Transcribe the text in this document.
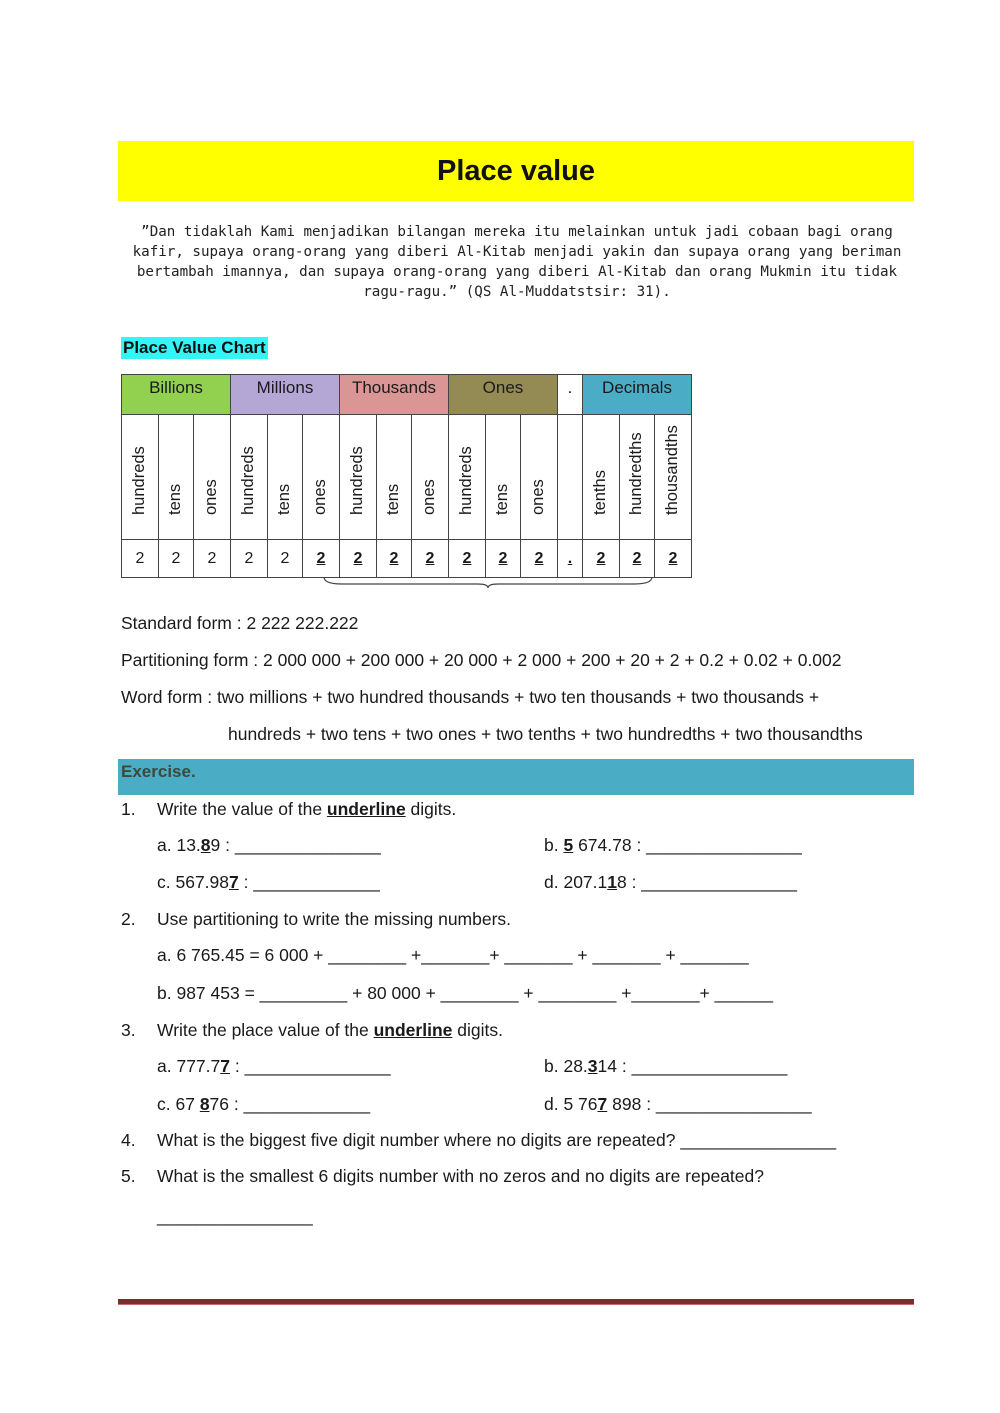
Place value
”Dan tidaklah Kami menjadikan bilangan mereka itu melainkan untuk jadi cobaan bagi orang kafir, supaya orang-orang yang diberi Al-Kitab menjadi yakin dan supaya orang yang beriman bertambah imannya, dan supaya orang-orang yang diberi Al-Kitab dan orang Mukmin itu tidak ragu-ragu.” (QS Al-Muddatstsir: 31).
Place Value Chart
Billions			Millions			Thousands			Ones			.	Decimals		

hundreds	tens	ones	hundreds	tens	ones	hundreds	tens	ones	hundreds	tens	ones		tenths	hundredths	thousandths

2	2	2	2	2	2	2	2	2	2	2	2	.	2	2	2
Standard form : 2 222 222.222
Partitioning form : 2 000 000 + 200 000 + 20 000 + 2 000 + 200 + 20 + 2 + 0.2 + 0.02 + 0.002
Word form : two millions + two hundred thousands + two ten thousands + two thousands +
hundreds + two tens + two ones + two tenths + two hundredths + two thousandths
Exercise.
1. Write the value of the underline digits.
a. 13.89 : _______________	b. 5 674.78 : ________________
c. 567.987 : _____________	d. 207.118 : ________________
2. Use partitioning to write the missing numbers.
a. 6 765.45 = 6 000 + ________ +_______+ _______ + _______ + _______
b. 987 453 = _________ + 80 000 + ________ + ________ +_______+ ______
3. Write the place value of the underline digits.
a. 777.77 : _______________	b. 28.314 : ________________
c. 67 876 : _____________	d. 5 767 898 : ________________
4. What is the biggest five digit number where no digits are repeated? ________________
5. What is the smallest 6 digits number with no zeros and no digits are repeated?
________________
